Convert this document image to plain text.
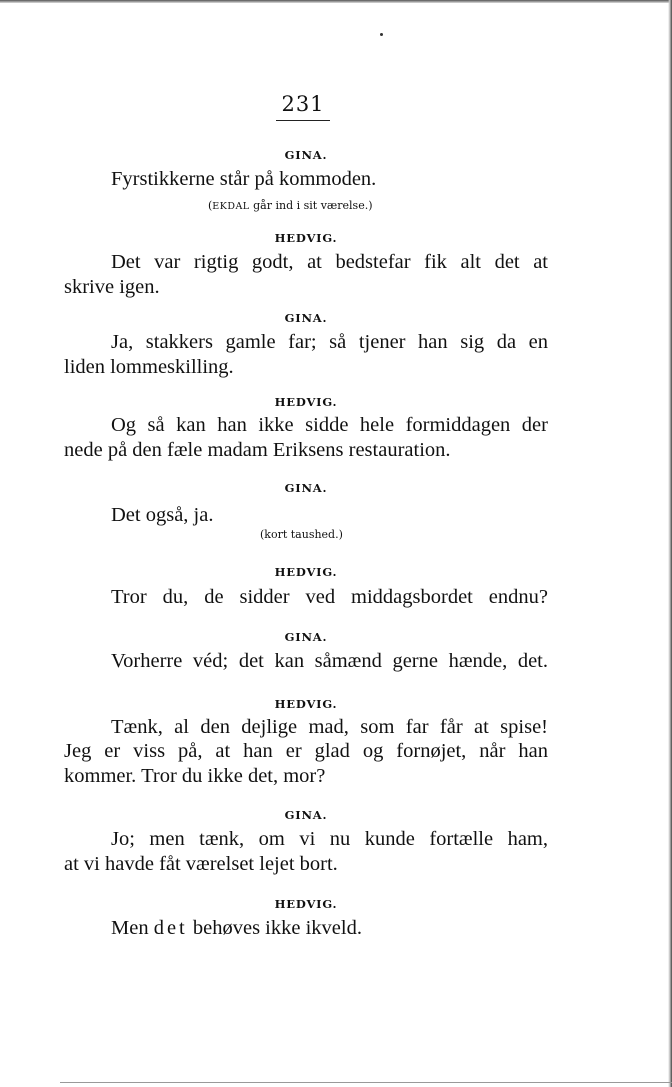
231
GINA.
Fyrstikkerne står på kommoden.
(EKDAL går ind i sit værelse.)
HEDVIG.
Det var rigtig godt, at bedstefar fik alt det at
skrive igen.
GINA.
Ja, stakkers gamle far; så tjener han sig da en
liden lommeskilling.
HEDVIG.
Og så kan han ikke sidde hele formiddagen der
nede på den fæle madam Eriksens restauration.
GINA.
Det også, ja.
(kort taushed.)
HEDVIG.
Tror du, de sidder ved middagsbordet endnu?
GINA.
Vorherre véd; det kan såmænd gerne hænde, det.
HEDVIG.
Tænk, al den dejlige mad, som far får at spise!
Jeg er viss på, at han er glad og fornøjet, når han
kommer. Tror du ikke det, mor?
GINA.
Jo; men tænk, om vi nu kunde fortælle ham,
at vi havde fåt værelset lejet bort.
HEDVIG.
Men det behøves ikke ikveld.
